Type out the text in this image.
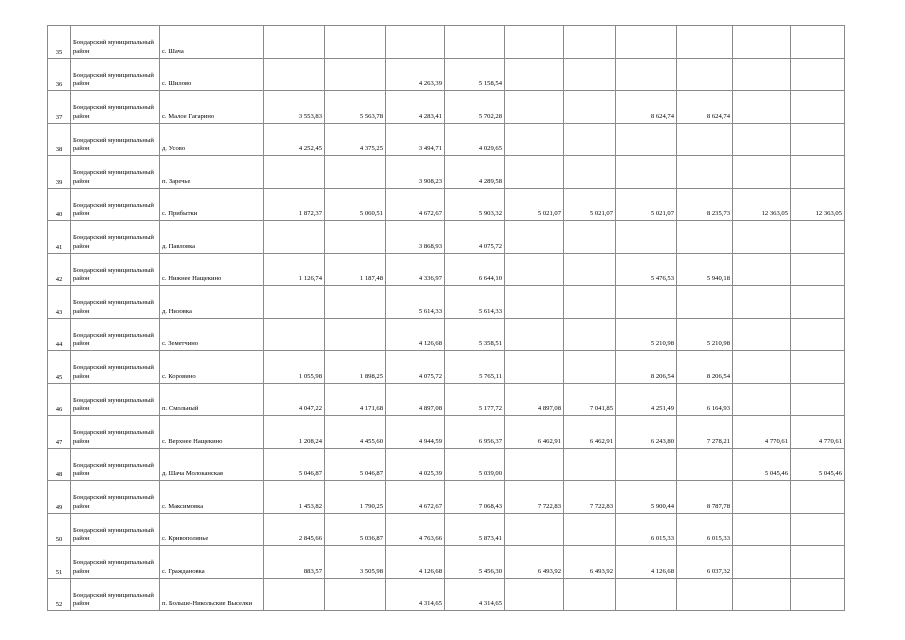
35	Бондарский муниципальный район	с. Шача										
36	Бондарский муниципальный район	с. Шилово			4 263,39	5 158,54						
37	Бондарский муниципальный район	с. Малое Гагарино	3 553,83	5 563,78	4 283,41	5 702,28			8 624,74	8 624,74		
38	Бондарский муниципальный район	д. Усово	4 252,45	4 375,25	3 494,71	4 029,65						
39	Бондарский муниципальный район	п. Заречье			3 908,23	4 289,58						
40	Бондарский муниципальный район	с. Прибытки	1 872,37	5 060,51	4 672,67	5 903,32	5 021,07	5 021,07	5 021,07	8 235,73	12 363,05	12 363,05
41	Бондарский муниципальный район	д. Павловка			3 868,93	4 075,72						
42	Бондарский муниципальный район	с. Нижнее Нащекино	1 126,74	1 187,48	4 336,97	6 644,10			5 476,53	5 940,18		
43	Бондарский муниципальный район	д. Низовка			5 614,33	5 614,33						
44	Бондарский муниципальный район	с. Земетчино			4 126,68	5 358,51			5 210,98	5 210,98		
45	Бондарский муниципальный район	с. Коровино	1 055,98	1 898,25	4 075,72	5 765,11			8 206,54	8 206,54		
46	Бондарский муниципальный район	п. Смольный	4 047,22	4 171,68	4 897,08	5 177,72	4 897,08	7 041,85	4 251,49	6 164,93		
47	Бондарский муниципальный район	с. Верхнее Нащекино	1 208,24	4 455,60	4 944,59	6 956,37	6 462,91	6 462,91	6 243,80	7 278,21	4 770,61	4 770,61
48	Бондарский муниципальный район	д. Шача Молоканская	5 046,87	5 046,87	4 025,39	5 039,00					5 045,46	5 045,46
49	Бондарский муниципальный район	с. Максимовка	1 453,82	1 790,25	4 672,67	7 068,43	7 722,83	7 722,83	5 900,44	8 787,78		
50	Бондарский муниципальный район	с. Кривополянье	2 845,66	5 036,87	4 763,66	5 873,41			6 015,33	6 015,33		
51	Бондарский муниципальный район	с. Граждановка	883,57	3 505,98	4 126,68	5 456,30	6 493,92	6 493,92	4 126,68	6 037,32		
52	Бондарский муниципальный район	п. Больше-Никольские Выселки			4 314,65	4 314,65						
